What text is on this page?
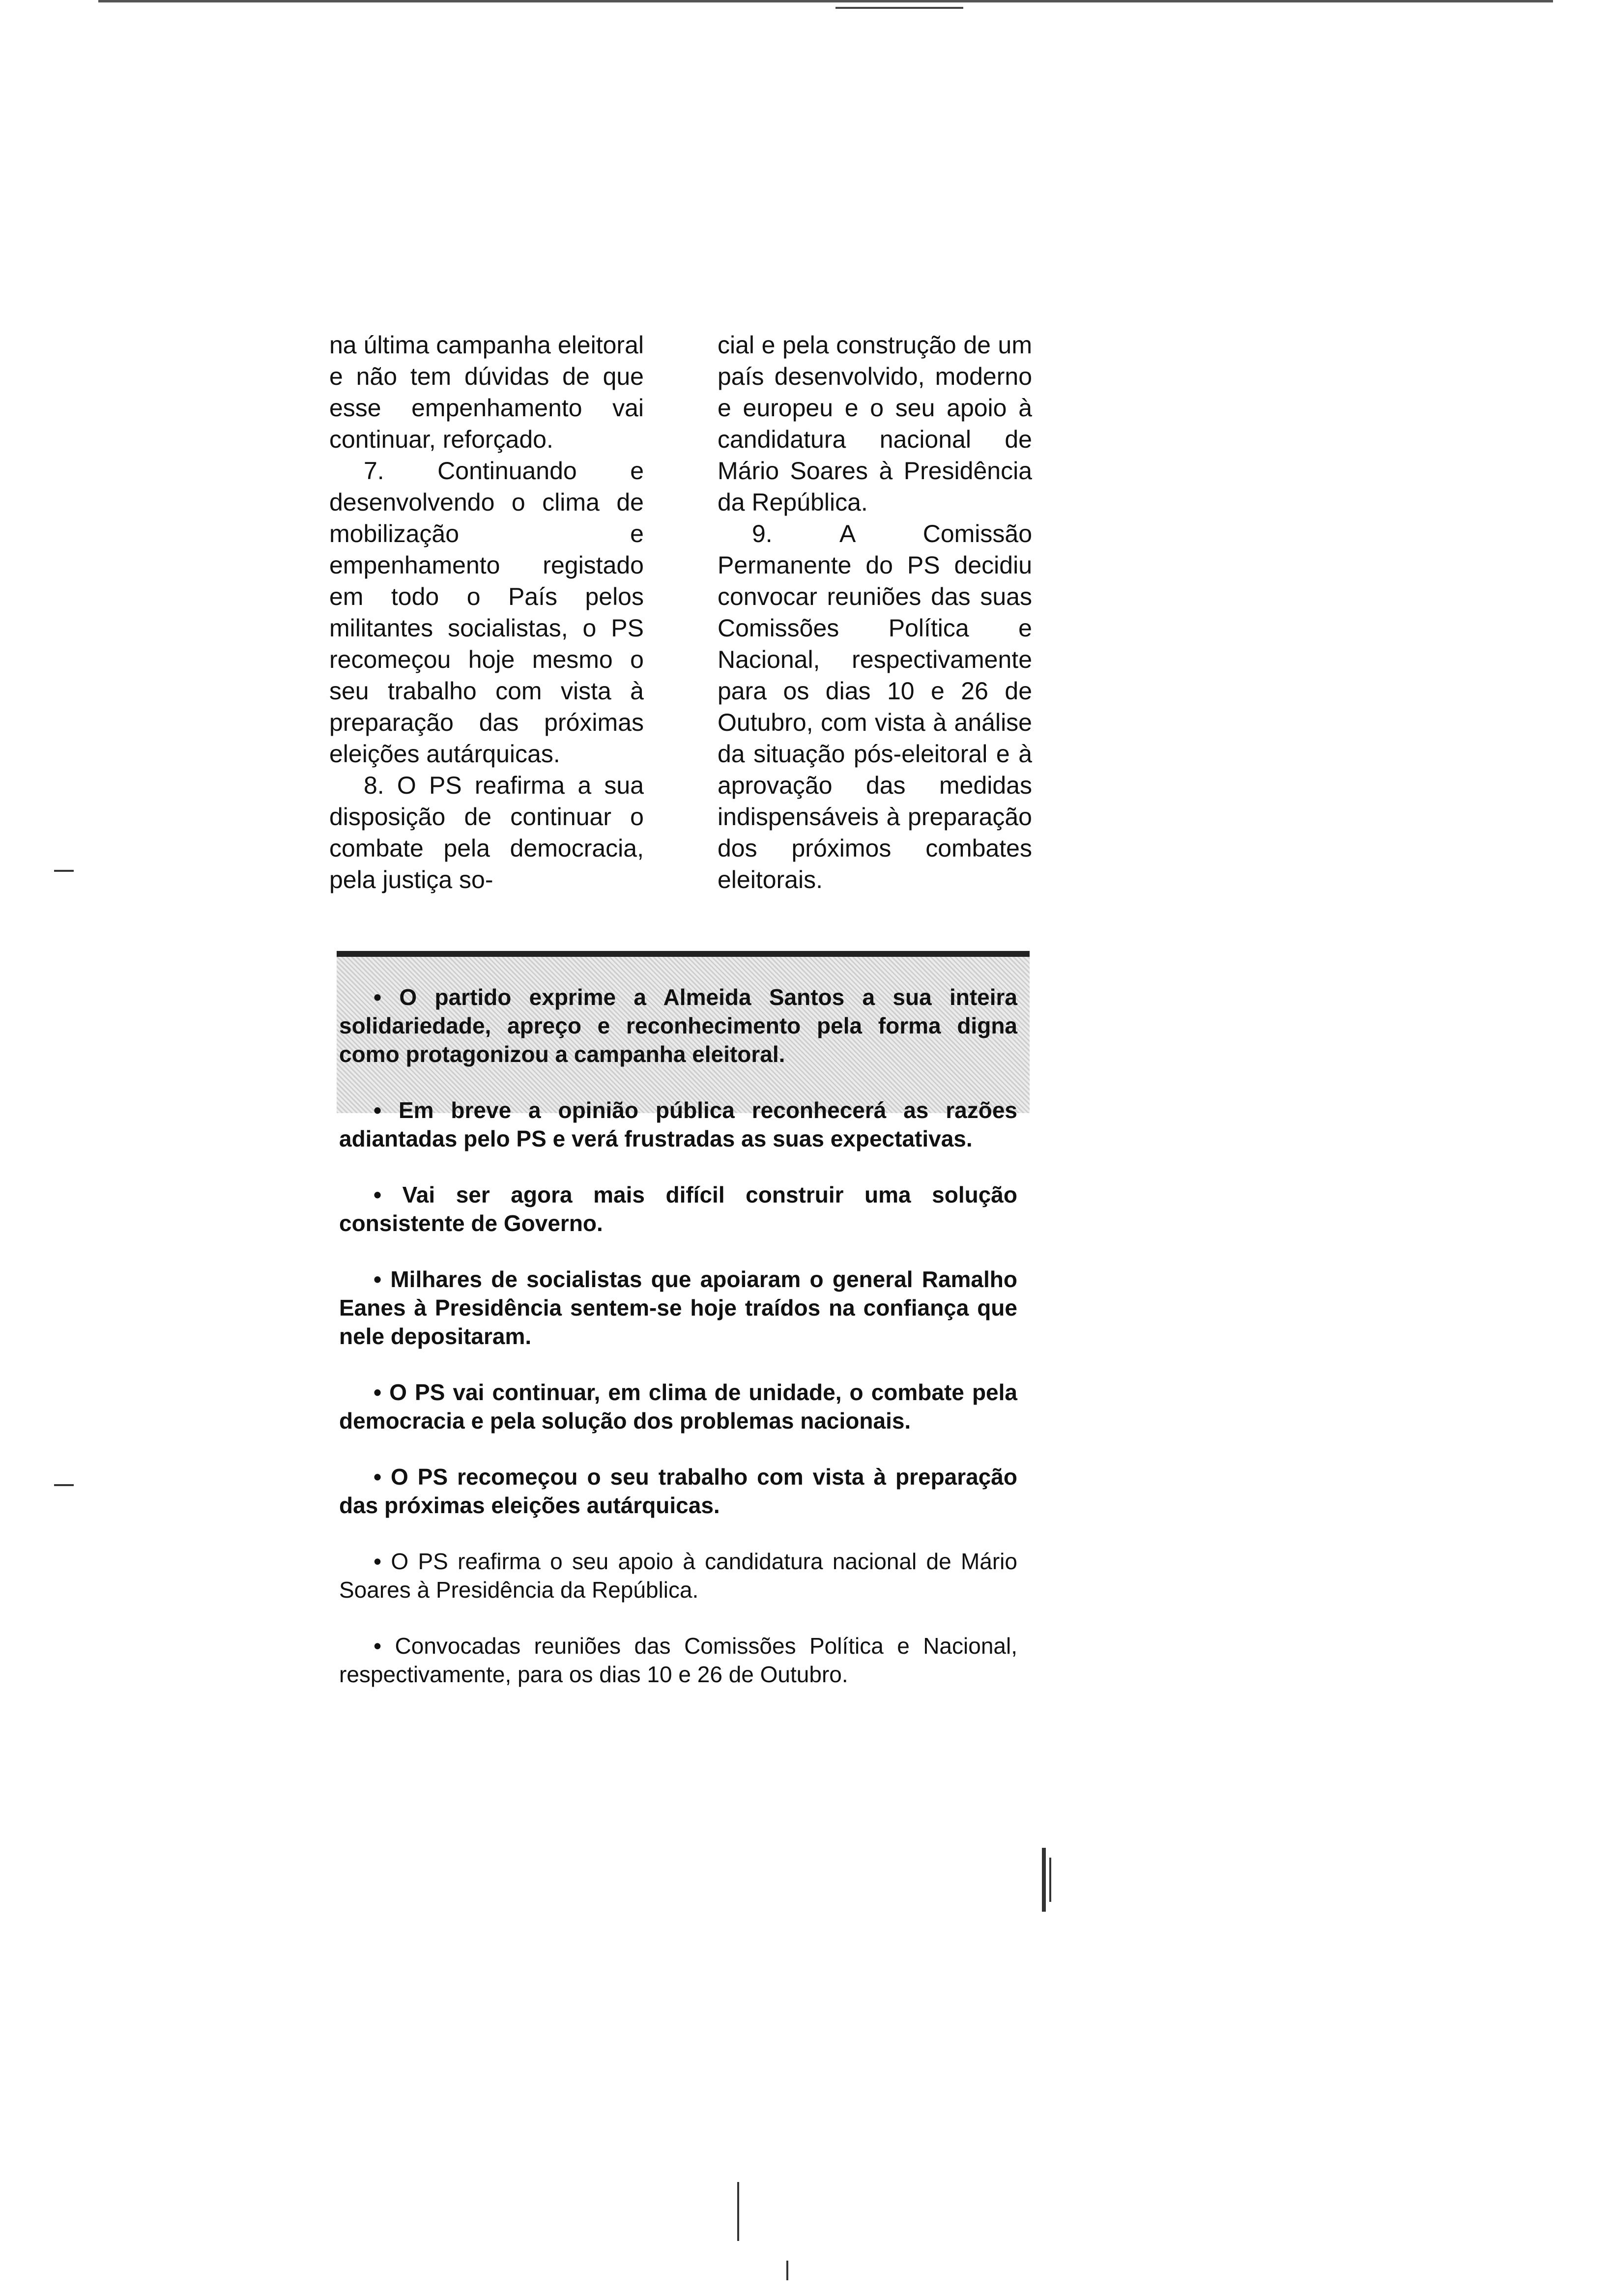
na última campanha eleitoral e não tem dúvidas de que esse empenhamento vai continuar, reforçado.

7. Continuando e desenvolvendo o clima de mobilização e empenhamento registado em todo o País pelos militantes socialistas, o PS recomeçou hoje mesmo o seu trabalho com vista à preparação das próximas eleições autárquicas.

8. O PS reafirma a sua disposição de continuar o combate pela democracia, pela justiça so-

cial e pela construção de um país desenvolvido, moderno e europeu e o seu apoio à candidatura nacional de Mário Soares à Presidência da República.

9. A Comissão Permanente do PS decidiu convocar reuniões das suas Comissões Política e Nacional, respectivamente para os dias 10 e 26 de Outubro, com vista à análise da situação pós-eleitoral e à aprovação das medidas indispensáveis à preparação dos próximos combates eleitorais.

• O partido exprime a Almeida Santos a sua inteira solidariedade, apreço e reconhecimento pela forma digna como protagonizou a campanha eleitoral.
• Em breve a opinião pública reconhecerá as razões adiantadas pelo PS e verá frustradas as suas expectativas.
• Vai ser agora mais difícil construir uma solução consistente de Governo.
• Milhares de socialistas que apoiaram o general Ramalho Eanes à Presidência sentem-se hoje traídos na confiança que nele depositaram.
• O PS vai continuar, em clima de unidade, o combate pela democracia e pela solução dos problemas nacionais.
• O PS recomeçou o seu trabalho com vista à preparação das próximas eleições autárquicas.
• O PS reafirma o seu apoio à candidatura nacional de Mário Soares à Presidência da República.
• Convocadas reuniões das Comissões Política e Nacional, respectivamente, para os dias 10 e 26 de Outubro.
